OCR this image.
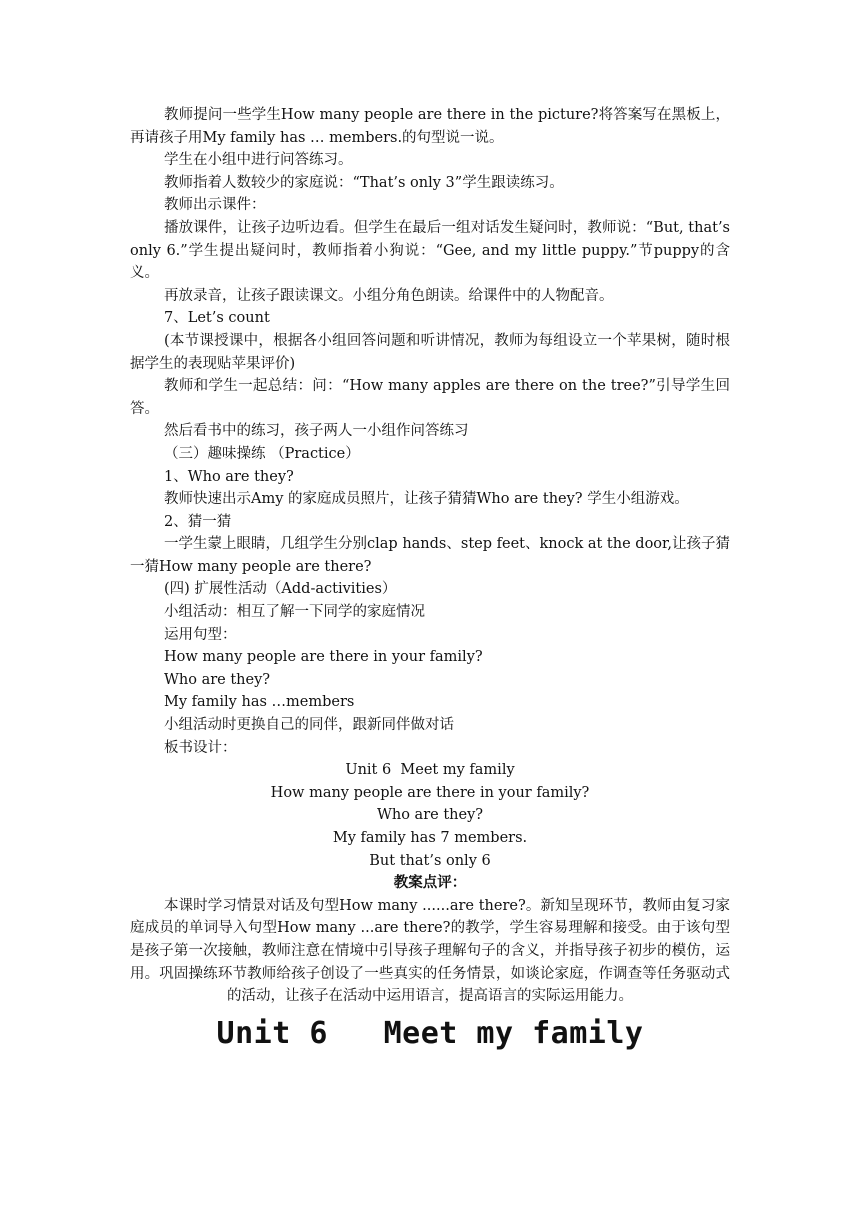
教师提问一些学生How many people are there in the picture?将答案写在黑板上，再请孩子用My family has … members.的句型说一说。

学生在小组中进行问答练习。

教师指着人数较少的家庭说：“That’s only 3”学生跟读练习。

教师出示课件：

播放课件，让孩子边听边看。但学生在最后一组对话发生疑问时，教师说：“But, that’s only 6.”学生提出疑问时，教师指着小狗说：“Gee, and my little puppy.”节puppy的含义。

再放录音，让孩子跟读课文。小组分角色朗读。给课件中的人物配音。

7、Let’s count

(本节课授课中，根据各小组回答问题和听讲情况，教师为每组设立一个苹果树，随时根据学生的表现贴苹果评价)

教师和学生一起总结：问：“How many apples are there on the tree?”引导学生回答。

然后看书中的练习，孩子两人一小组作问答练习

（三）趣味操练 （Practice）

1、Who are they?

教师快速出示Amy 的家庭成员照片，让孩子猜猜Who are they? 学生小组游戏。

2、猜一猜

一学生蒙上眼睛，几组学生分别clap hands、step feet、knock at the door,让孩子猜一猜How many people are there?

(四) 扩展性活动（Add-activities）

小组活动：相互了解一下同学的家庭情况

运用句型：

How many people are there in your family?

Who are they?

My family has …members

小组活动时更换自己的同伴，跟新同伴做对话

板书设计：

Unit 6  Meet my family

How many people are there in your family?

Who are they?

My family has 7 members.

But that’s only 6

教案点评：

本课时学习情景对话及句型How many ......are there?。新知呈现环节，教师由复习家庭成员的单词导入句型How many ...are there?的教学，学生容易理解和接受。由于该句型是孩子第一次接触，教师注意在情境中引导孩子理解句子的含义，并指导孩子初步的模仿，运用。巩固操练环节教师给孩子创设了一些真实的任务情景，如谈论家庭，作调查等任务驱动式的活动，让孩子在活动中运用语言，提高语言的实际运用能力。

Unit 6   Meet my family
